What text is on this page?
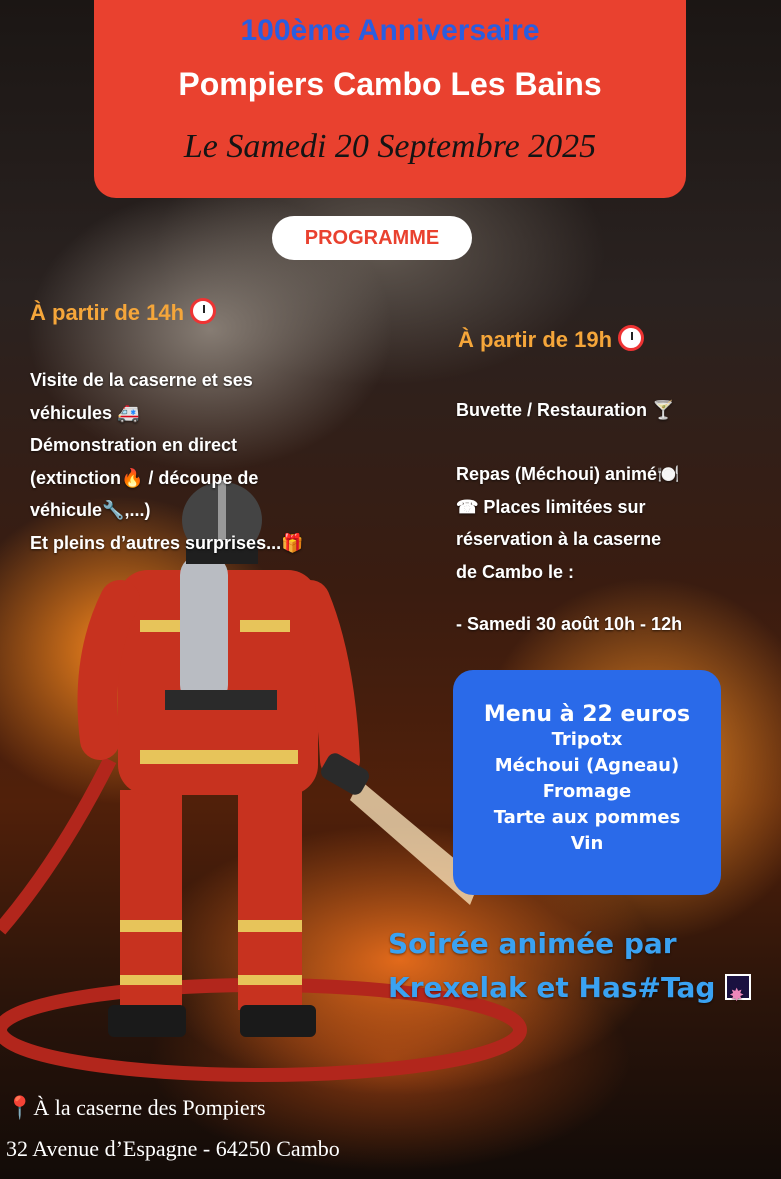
100ème Anniversaire
Pompiers Cambo Les Bains
Le Samedi 20 Septembre 2025
PROGRAMME
À partir de 14h
Visite de la caserne et ses
véhicules 🚑
Démonstration en direct
(extinction🔥 / découpe de
véhicule🔧,...)
Et pleins d’autres surprises...🎁
À partir de 19h
Buvette / Restauration 🍸
Repas (Méchoui) animé🍽️
☎ Places limitées sur
réservation à la caserne
de Cambo le :
- Samedi 30 août 10h - 12h
Menu à 22 euros
Tripotx
Méchoui (Agneau)
Fromage
Tarte aux pommes
Vin
Soirée animée par
Krexelak et Has#Tag ✸
📍À la caserne des Pompiers
32 Avenue d’Espagne - 64250 Cambo
